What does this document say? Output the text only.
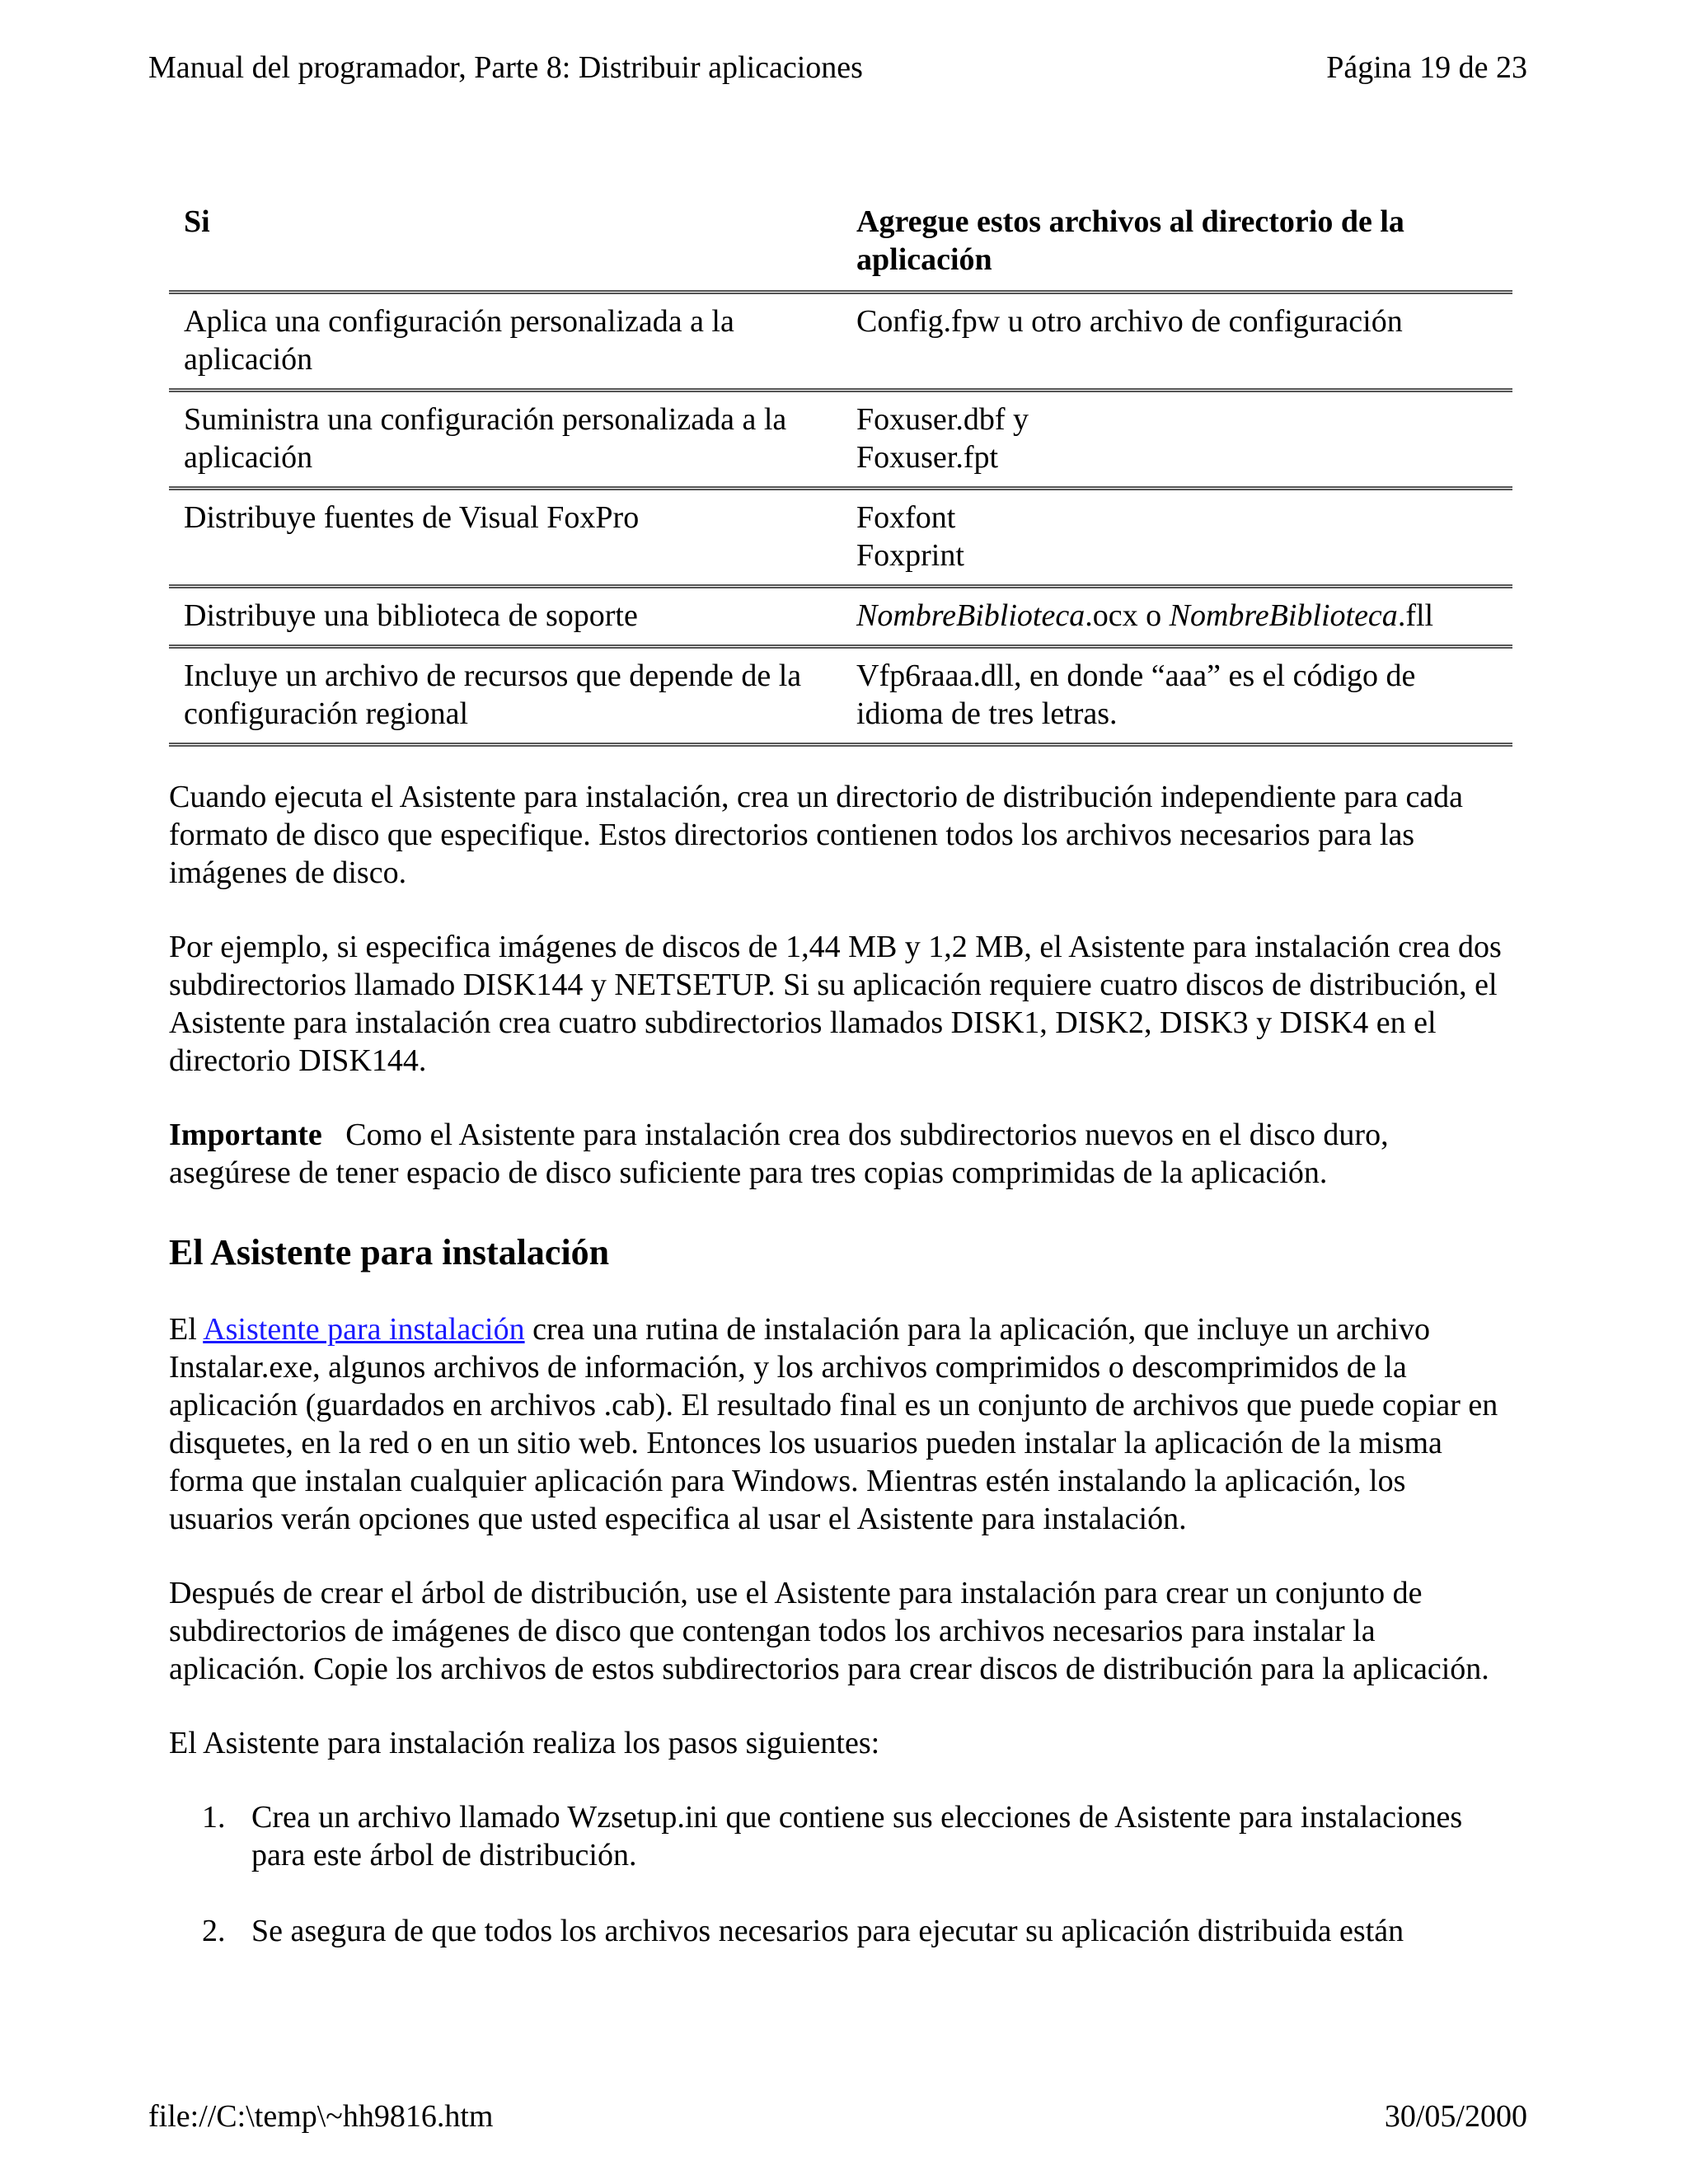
Manual del programador, Parte 8: Distribuir aplicaciones	Página 19 de 23
Si	Agregue estos archivos al directorio de la aplicación
Aplica una configuración personalizada a la aplicación	Config.fpw u otro archivo de configuración
Suministra una configuración personalizada a la aplicación	Foxuser.dbf y
Foxuser.fpt
Distribuye fuentes de Visual FoxPro	Foxfont
Foxprint
Distribuye una biblioteca de soporte	NombreBiblioteca.ocx o NombreBiblioteca.fll
Incluye un archivo de recursos que depende de la configuración regional	Vfp6raaa.dll, en donde “aaa” es el código de idioma de tres letras.

Cuando ejecuta el Asistente para instalación, crea un directorio de distribución independiente para cada formato de disco que especifique. Estos directorios contienen todos los archivos necesarios para las imágenes de disco.

Por ejemplo, si especifica imágenes de discos de 1,44 MB y 1,2 MB, el Asistente para instalación crea dos subdirectorios llamado DISK144 y NETSETUP. Si su aplicación requiere cuatro discos de distribución, el Asistente para instalación crea cuatro subdirectorios llamados DISK1, DISK2, DISK3 y DISK4 en el directorio DISK144.

Importante Como el Asistente para instalación crea dos subdirectorios nuevos en el disco duro, asegúrese de tener espacio de disco suficiente para tres copias comprimidas de la aplicación.

El Asistente para instalación

El Asistente para instalación crea una rutina de instalación para la aplicación, que incluye un archivo Instalar.exe, algunos archivos de información, y los archivos comprimidos o descomprimidos de la aplicación (guardados en archivos .cab). El resultado final es un conjunto de archivos que puede copiar en disquetes, en la red o en un sitio web. Entonces los usuarios pueden instalar la aplicación de la misma forma que instalan cualquier aplicación para Windows. Mientras estén instalando la aplicación, los usuarios verán opciones que usted especifica al usar el Asistente para instalación.

Después de crear el árbol de distribución, use el Asistente para instalación para crear un conjunto de subdirectorios de imágenes de disco que contengan todos los archivos necesarios para instalar la aplicación. Copie los archivos de estos subdirectorios para crear discos de distribución para la aplicación.

El Asistente para instalación realiza los pasos siguientes:

1. Crea un archivo llamado Wzsetup.ini que contiene sus elecciones de Asistente para instalaciones para este árbol de distribución.
2. Se asegura de que todos los archivos necesarios para ejecutar su aplicación distribuida están
file://C:\temp\~hh9816.htm	30/05/2000
